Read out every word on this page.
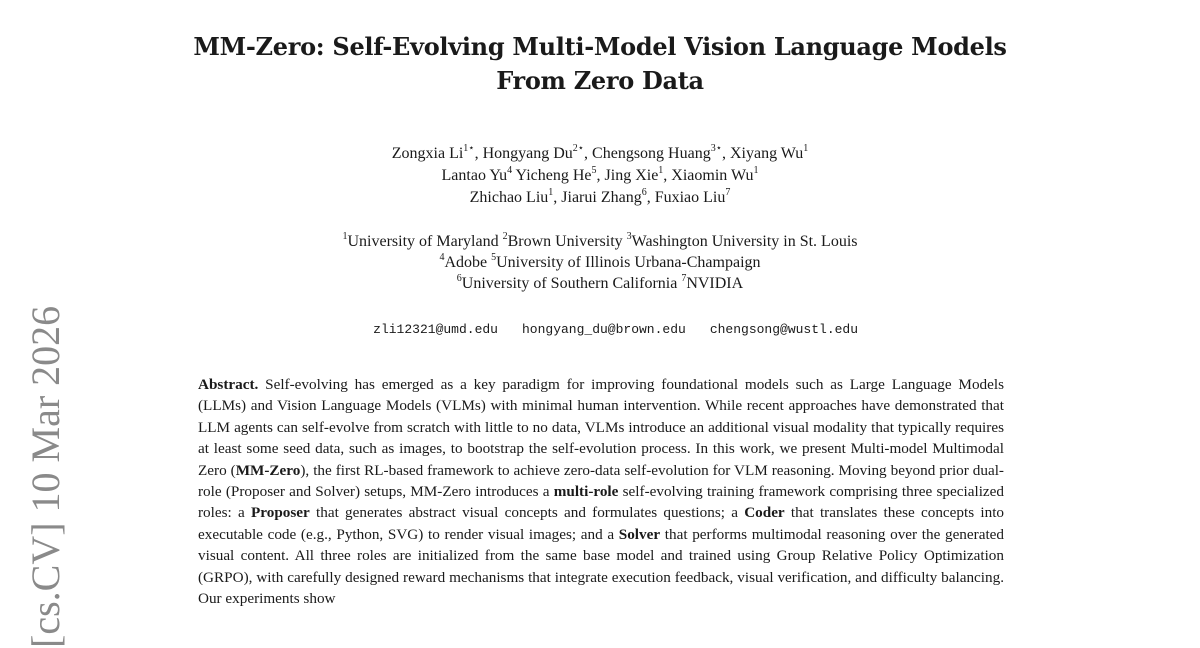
[cs.CV] 10 Mar 2026
MM-Zero: Self-Evolving Multi-Model Vision Language Models
From Zero Data
Zongxia $Li^{1⋆}$, Hongyang $Du^{2⋆}$, Chengsong Huang$^{3⋆}$, Xiyang Wu$^1$
Lantao Yu$^4$ Yicheng He$^5$, Jing Xie$^1$, Xiaomin Wu$^1$
Zhichao Liu$^1$, Jiarui Zhang$^6$, Fuxiao Liu$^7$
$^1$University of Maryland $^2$Brown University $^3$Washington University in St. Louis
$^4$Adobe $^5$University of Illinois Urbana-Champaign
$^6$University of Southern California $^7$NVIDIA

zli12321@umd.edu hongyang_du@brown.edu chengsong@wustl.edu

Abstract. Self-evolving has emerged as a key paradigm for improving foundational models such as Large Language Models (LLMs) and Vision Language Models (VLMs) with minimal human intervention. While recent approaches have demonstrated that LLM agents can self-evolve from scratch with little to no data, VLMs introduce an additional visual modality that typically requires at least some seed data, such as images, to bootstrap the self-evolution process. In this work, we present Multi-model Multimodal Zero (MM-Zero), the first RL-based framework to achieve zero-data self-evolution for VLM reasoning. Moving beyond prior dual-role (Proposer and Solver) setups, MM-Zero introduces a multi-role self-evolving training framework comprising three specialized roles: a Proposer that generates abstract visual concepts and formulates questions; a Coder that translates these concepts into executable code (e.g., Python, SVG) to render visual images; and a Solver that performs multimodal reasoning over the generated visual content. All three roles are initialized from the same base model and trained using Group Relative Policy Optimization (GRPO), with carefully designed reward mechanisms that integrate execution feedback, visual verification, and difficulty balancing. Our experiments show
